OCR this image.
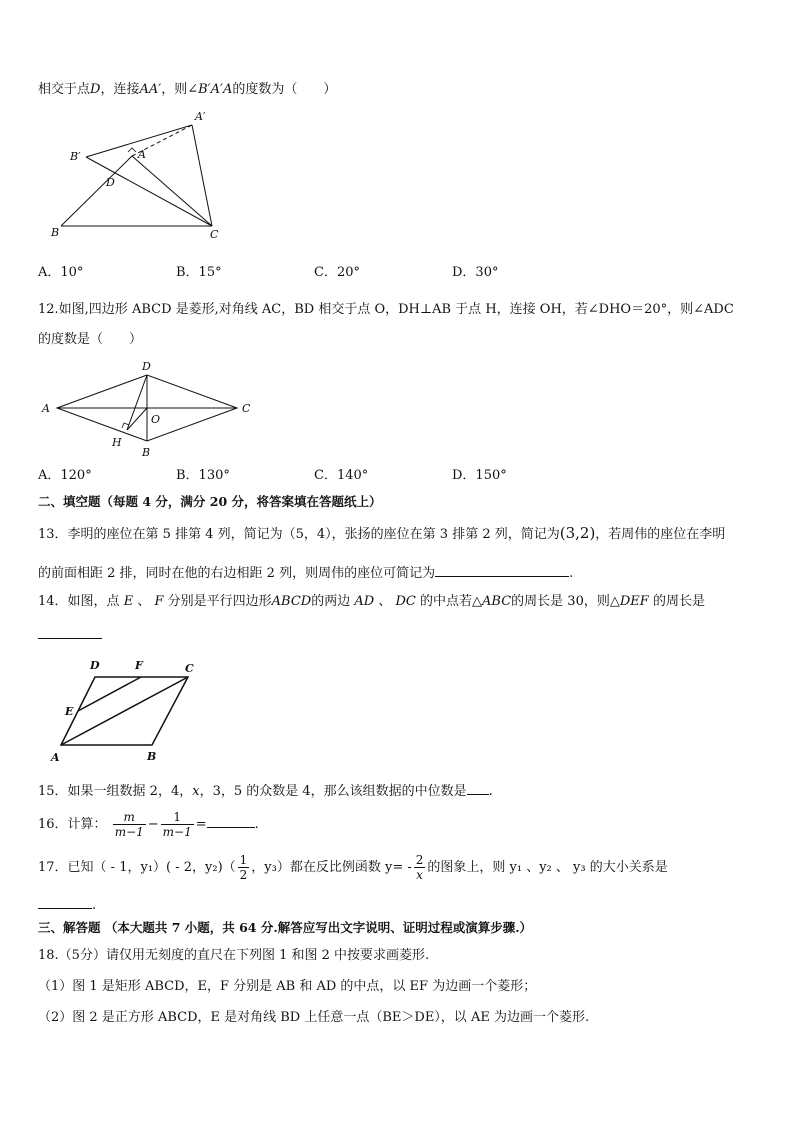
相交于点D，连接AA′，则∠B′A′A的度数为（　　）
A′
B′	A
D
B	C
A．10°	B．15°	C．20°	D．30°
12.如图,四边形 ABCD 是菱形,对角线 AC，BD 相交于点 O，DH⊥AB 于点 H，连接 OH，若∠DHO＝20°，则∠ADC
的度数是（　　）
A
D
C
B
O
H
A．120°	B．130°	C．140°	D．150°
二、填空题（每题 4 分，满分 20 分，将答案填在答题纸上）
13．李明的座位在第 5 排第 4 列，简记为（5，4），张扬的座位在第 3 排第 2 列，简记为(3,2)，若周伟的座位在李明
的前面相距 2 排，同时在他的右边相距 2 列，则周伟的座位可简记为	.
14．如图，点 E 、 F 分别是平行四边形ABCD的两边 AD 、 DC 的中点若△ABC的周长是 30，则△DEF 的周长是
D	F	C
E
A	B
15．如果一组数据 2，4，x，3，5 的众数是 4，那么该组数据的中位数是 .
16．计算： $\frac{m}{m-1} - \frac{1}{m-1}$ =	.
17．已知（ - 1，y₁）( - 2，$y_2)( \frac{1}{2}$ ，y₃）都在反比例函数 $y= - \frac{2}{x}$ 的图象上，则 y₁ 、y₂ 、 y₃ 的大小关系是
.
三、解答题 （本大题共 7 小题，共 64 分.解答应写出文字说明、证明过程或演算步骤.）
18.（5分）请仅用无刻度的直尺在下列图 1 和图 2 中按要求画菱形.
（1）图 1 是矩形 ABCD，E，F 分别是 AB 和 AD 的中点，以 EF 为边画一个菱形；
（2）图 2 是正方形 ABCD，E 是对角线 BD 上任意一点（BE＞DE），以 AE 为边画一个菱形.
